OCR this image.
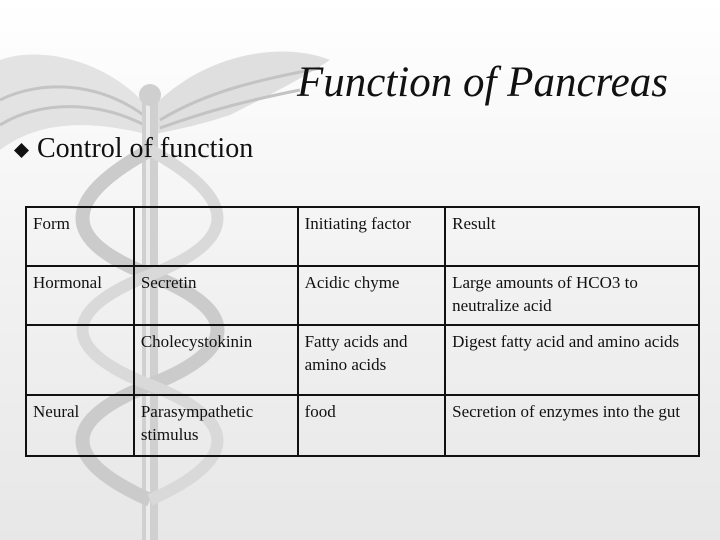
Function of Pancreas
Control of function
Form		Initiating factor	Result
Hormonal	Secretin	Acidic chyme	Large amounts of HCO3 to neutralize acid
	Cholecystokinin	Fatty acids and amino acids	Digest fatty acid and amino acids
Neural	Parasympathetic stimulus	food	Secretion of enzymes into the gut
